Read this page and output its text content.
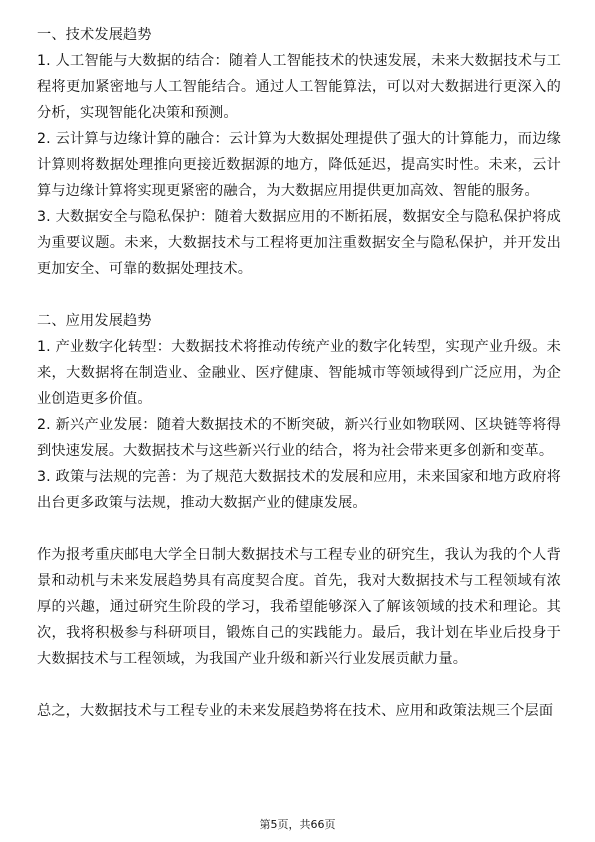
一、技术发展趋势

1. 人工智能与大数据的结合：随着人工智能技术的快速发展，未来大数据技术与工程将更加紧密地与人工智能结合。通过人工智能算法，可以对大数据进行更深入的分析，实现智能化决策和预测。

2. 云计算与边缘计算的融合：云计算为大数据处理提供了强大的计算能力，而边缘计算则将数据处理推向更接近数据源的地方，降低延迟，提高实时性。未来，云计算与边缘计算将实现更紧密的融合，为大数据应用提供更加高效、智能的服务。

3. 大数据安全与隐私保护：随着大数据应用的不断拓展，数据安全与隐私保护将成为重要议题。未来，大数据技术与工程将更加注重数据安全与隐私保护，并开发出更加安全、可靠的数据处理技术。

二、应用发展趋势

1. 产业数字化转型：大数据技术将推动传统产业的数字化转型，实现产业升级。未来，大数据将在制造业、金融业、医疗健康、智能城市等领域得到广泛应用，为企业创造更多价值。

2. 新兴产业发展：随着大数据技术的不断突破，新兴行业如物联网、区块链等将得到快速发展。大数据技术与这些新兴行业的结合，将为社会带来更多创新和变革。

3. 政策与法规的完善：为了规范大数据技术的发展和应用，未来国家和地方政府将出台更多政策与法规，推动大数据产业的健康发展。

作为报考重庆邮电大学全日制大数据技术与工程专业的研究生，我认为我的个人背景和动机与未来发展趋势具有高度契合度。首先，我对大数据技术与工程领域有浓厚的兴趣，通过研究生阶段的学习，我希望能够深入了解该领域的技术和理论。其次，我将积极参与科研项目，锻炼自己的实践能力。最后，我计划在毕业后投身于大数据技术与工程领域，为我国产业升级和新兴行业发展贡献力量。

总之，大数据技术与工程专业的未来发展趋势将在技术、应用和政策法规三个层面

第5页，共66页
